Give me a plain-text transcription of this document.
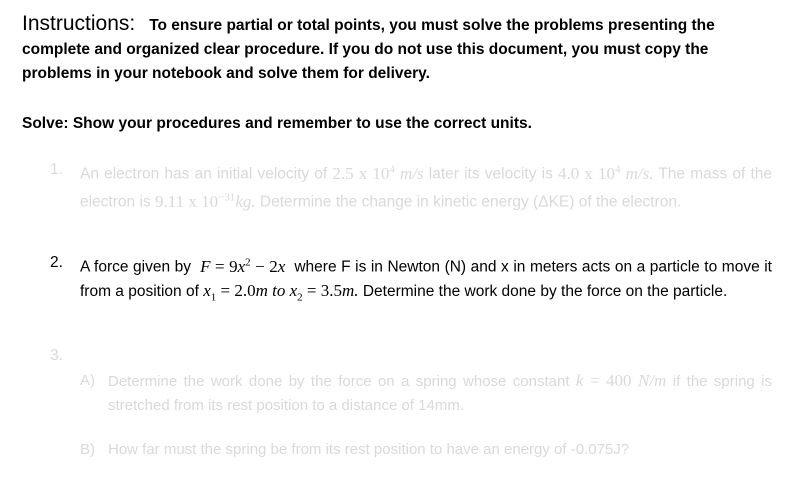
Instructions: To ensure partial or total points, you must solve the problems presenting the complete and organized clear procedure. If you do not use this document, you must copy the problems in your notebook and solve them for delivery.
Solve: Show your procedures and remember to use the correct units.
1. An electron has an initial velocity of 2.5 x $10^4$ m/s later its velocity is 4.0 x $10^4$ m/s. The mass of the electron is 9.11 x $10^{-31}kg$. Determine the change in kinetic energy (ΔKE) of the electron.
2. A force given by $F = 9x^2 - 2x$ where F is in Newton (N) and x in meters acts on a particle to move it from a position of $x_1 = 2.0m$ to $x_2 = 3.5m$. Determine the work done by the force on the particle.
3.
A) Determine the work done by the force on a spring whose constant k = 400 N/m if the spring is stretched from its rest position to a distance of 14mm.
B) How far must the spring be from its rest position to have an energy of -0.075J?
